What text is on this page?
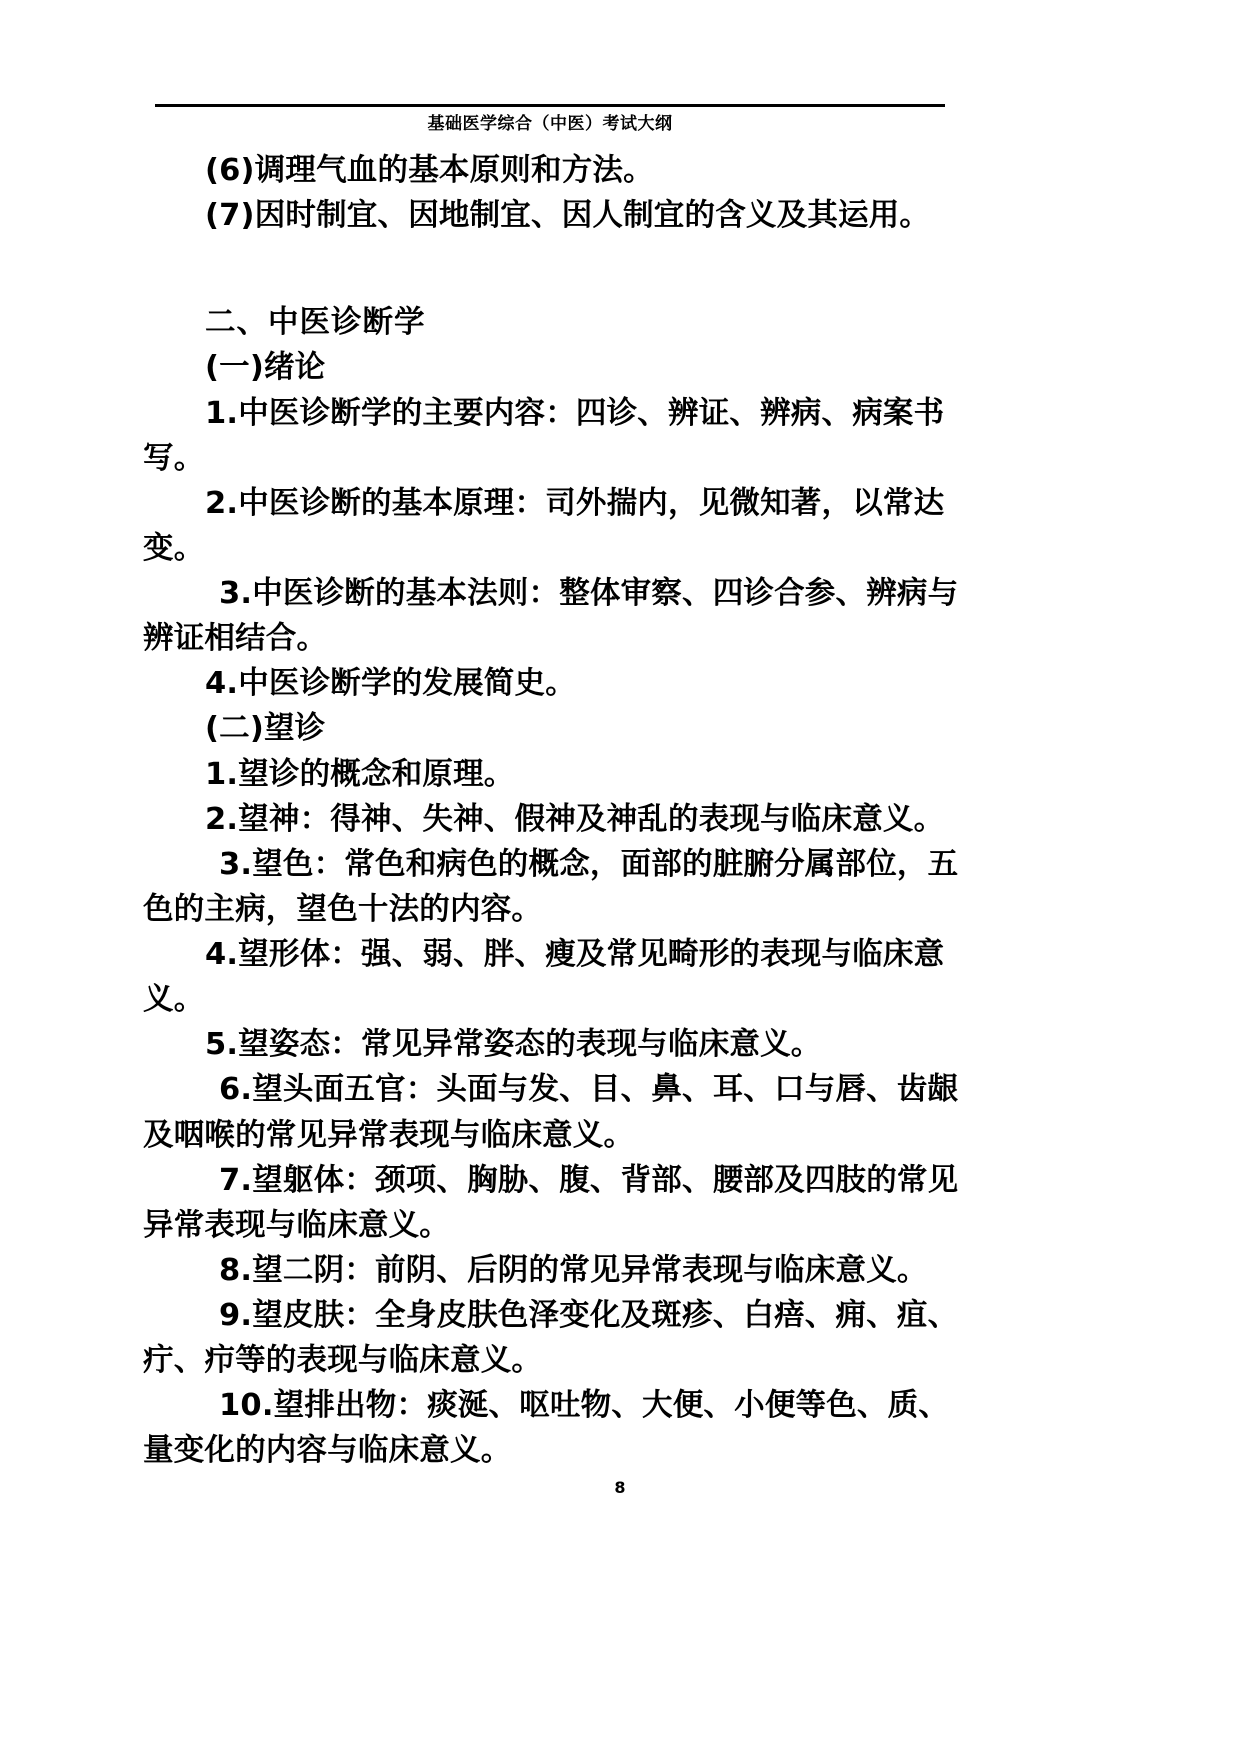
基础医学综合（中医）考试大纲

(6)调理气血的基本原则和方法。

(7)因时制宜、因地制宜、因人制宜的含义及其运用。

二、中医诊断学

(一)绪论

1.中医诊断学的主要内容：四诊、辨证、辨病、病案书写。

2.中医诊断的基本原理：司外揣内，见微知著，以常达变。

3.中医诊断的基本法则：整体审察、四诊合参、辨病与辨证相结合。

4.中医诊断学的发展简史。

(二)望诊

1.望诊的概念和原理。

2.望神：得神、失神、假神及神乱的表现与临床意义。

3.望色：常色和病色的概念，面部的脏腑分属部位，五色的主病，望色十法的内容。

4.望形体：强、弱、胖、瘦及常见畸形的表现与临床意义。

5.望姿态：常见异常姿态的表现与临床意义。

6.望头面五官：头面与发、目、鼻、耳、口与唇、齿龈及咽喉的常见异常表现与临床意义。

7.望躯体：颈项、胸胁、腹、背部、腰部及四肢的常见异常表现与临床意义。

8.望二阴：前阴、后阴的常见异常表现与临床意义。

9.望皮肤：全身皮肤色泽变化及斑疹、白㾦、痈、疽、疔、疖等的表现与临床意义。

10.望排出物：痰涎、呕吐物、大便、小便等色、质、量变化的内容与临床意义。

8
